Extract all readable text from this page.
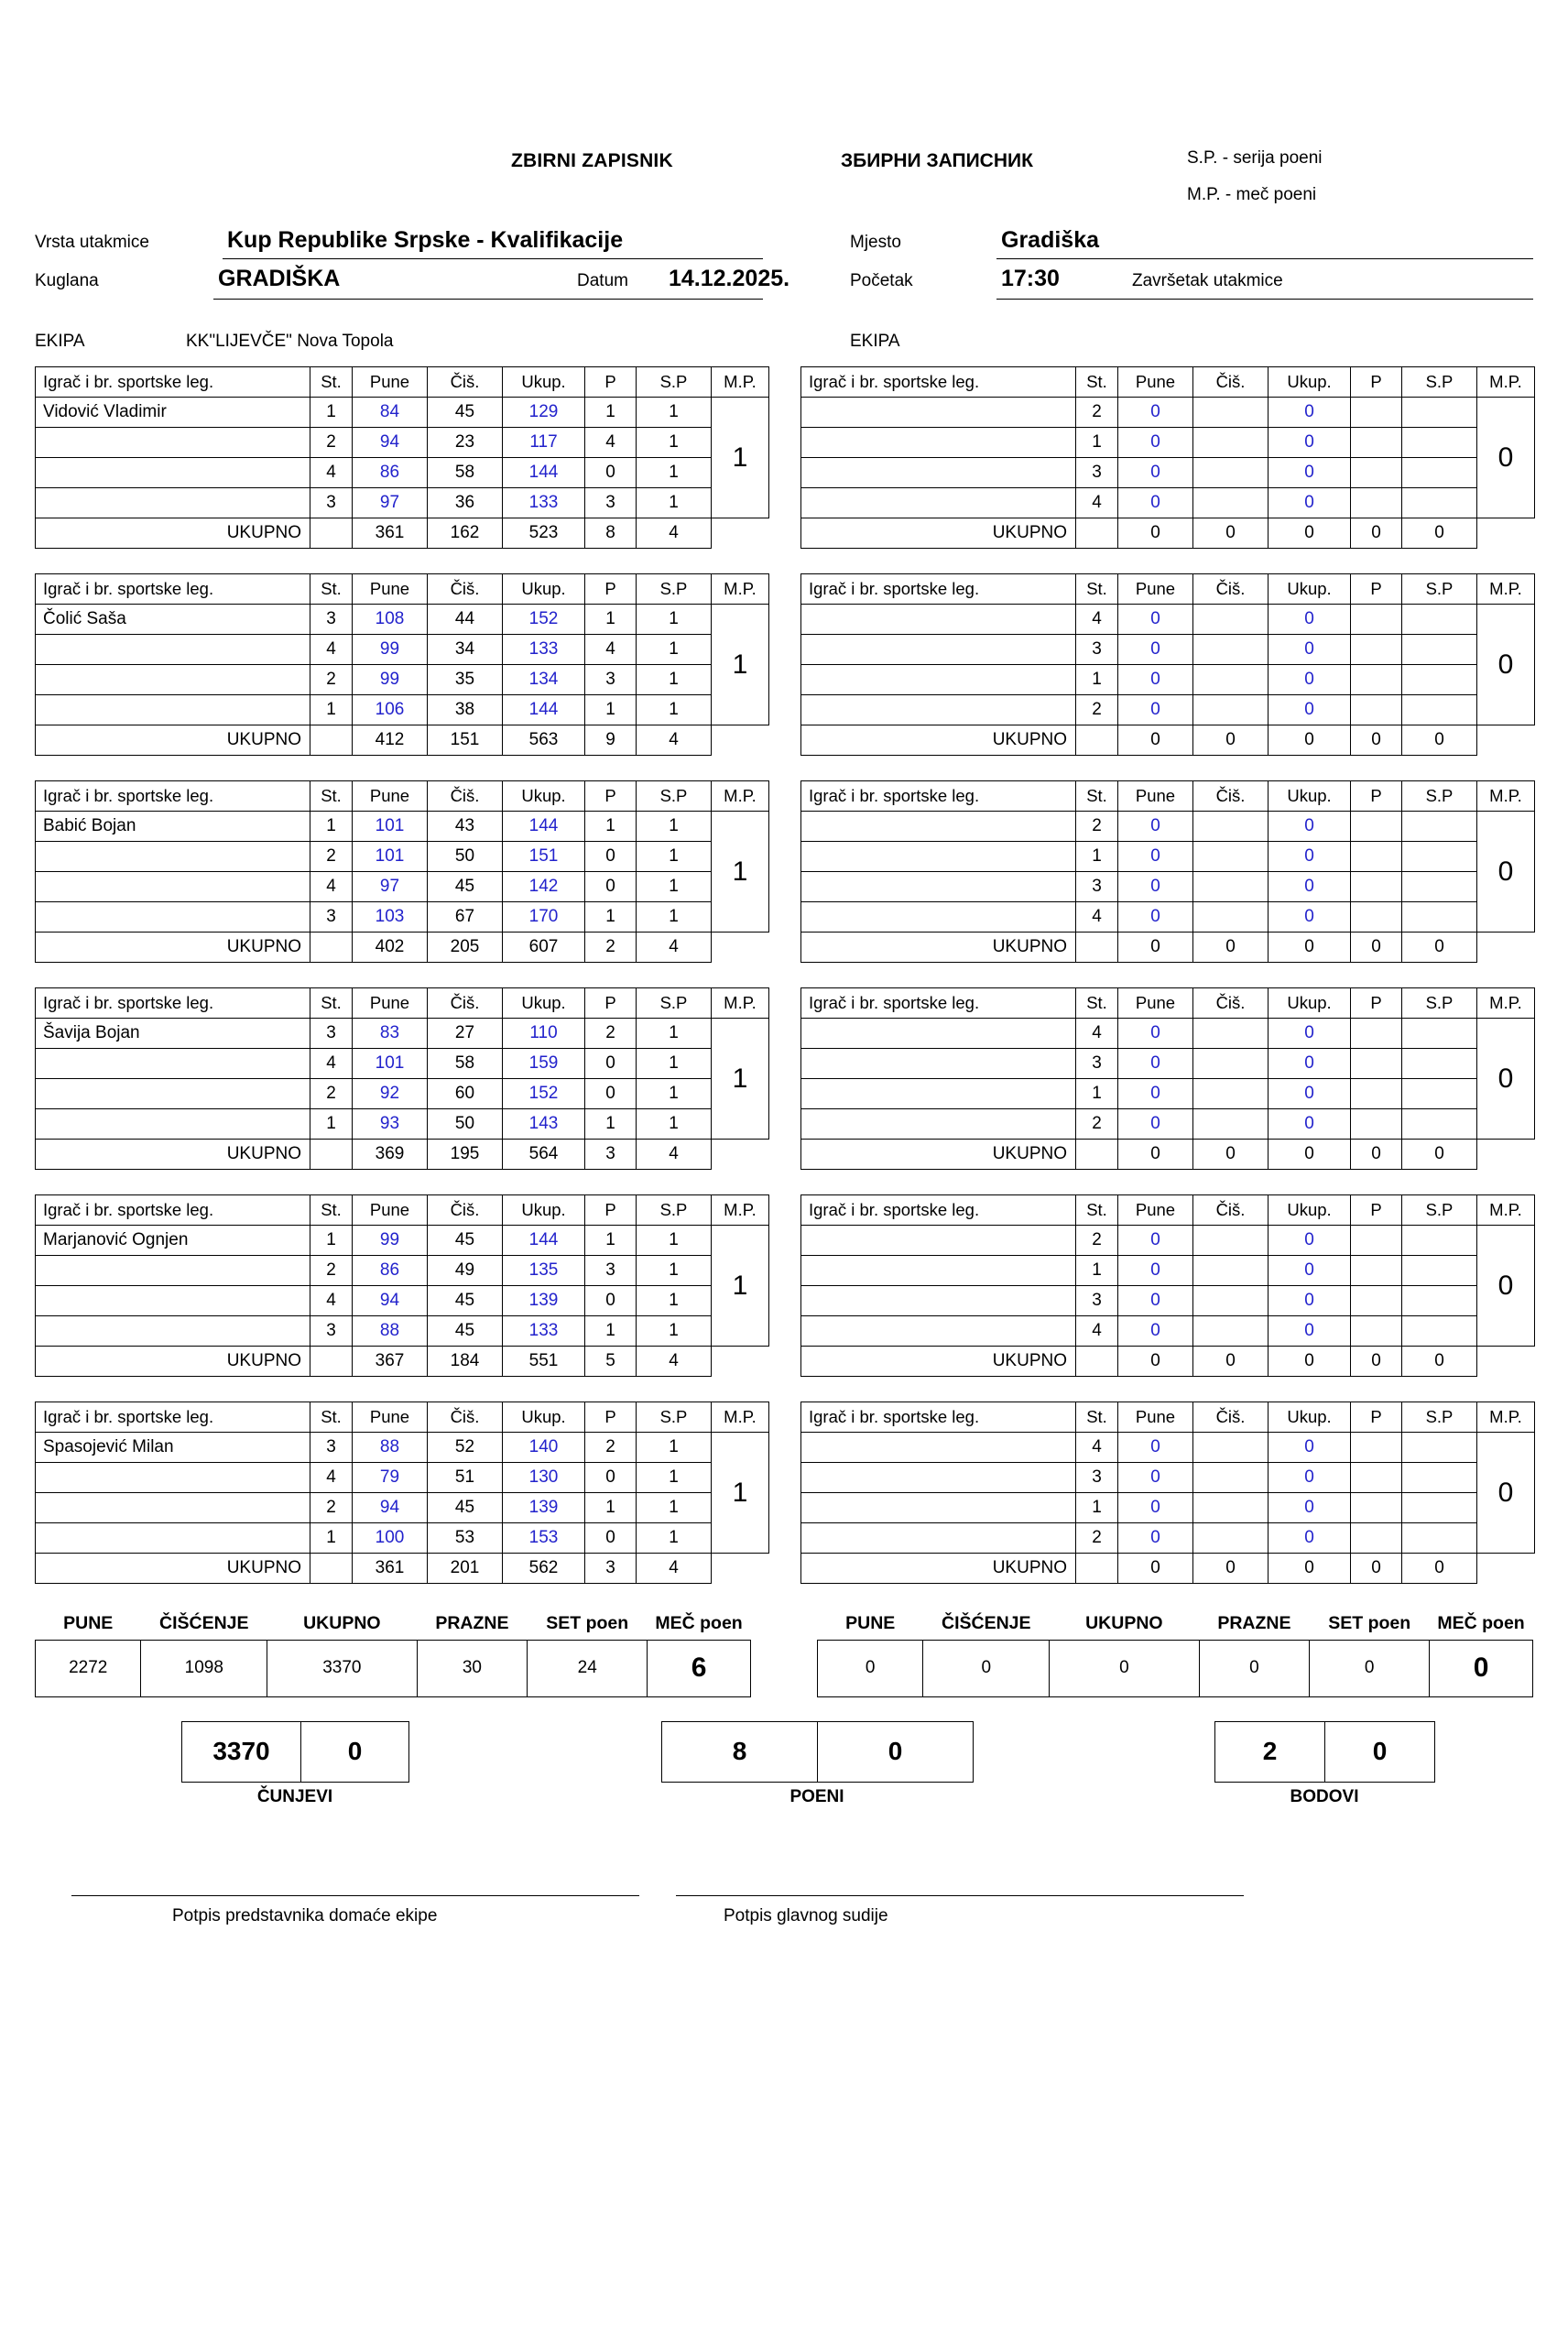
ZBIRNI ZAPISNIK	ЗБИРНИ ЗАПИСНИК	S.P. - serija poeni
M.P. - meč poeni
Vrsta utakmice	Kup Republike Srpske - Kvalifikacije	Mjesto	Gradiška
Kuglana	GRADIŠKA	Datum 14.12.2025.	Početak	17:30	Završetak utakmice
EKIPA	KK"LIJEVČE" Nova Topola	EKIPA
Igrač i br. sportske leg.	St.	Pune	Čiš.	Ukup.	P	S.P	M.P.
Vidović Vladimir	1	84	45	129	1	1	1
	2	94	23	117	4	1	
	4	86	58	144	0	1	
	3	97	36	133	3	1	
UKUPNO		361	162	523	8	4	
Igrač i br. sportske leg.	St.	Pune	Čiš.	Ukup.	P	S.P	M.P.
	2	0		0			0
	1	0		0			
	3	0		0			
	4	0		0			
UKUPNO		0	0	0	0	0	
Igrač i br. sportske leg.	St.	Pune	Čiš.	Ukup.	P	S.P	M.P.
Čolić Saša	3	108	44	152	1	1	1
	4	99	34	133	4	1	
	2	99	35	134	3	1	
	1	106	38	144	1	1	
UKUPNO		412	151	563	9	4	
Igrač i br. sportske leg.	St.	Pune	Čiš.	Ukup.	P	S.P	M.P.
	4	0		0			0
	3	0		0			
	1	0		0			
	2	0		0			
UKUPNO		0	0	0	0	0	
Igrač i br. sportske leg.	St.	Pune	Čiš.	Ukup.	P	S.P	M.P.
Babić Bojan	1	101	43	144	1	1	1
	2	101	50	151	0	1	
	4	97	45	142	0	1	
	3	103	67	170	1	1	
UKUPNO		402	205	607	2	4	
Igrač i br. sportske leg.	St.	Pune	Čiš.	Ukup.	P	S.P	M.P.
	2	0		0			0
	1	0		0			
	3	0		0			
	4	0		0			
UKUPNO		0	0	0	0	0	
Igrač i br. sportske leg.	St.	Pune	Čiš.	Ukup.	P	S.P	M.P.
Šavija Bojan	3	83	27	110	2	1	1
	4	101	58	159	0	1	
	2	92	60	152	0	1	
	1	93	50	143	1	1	
UKUPNO		369	195	564	3	4	
Igrač i br. sportske leg.	St.	Pune	Čiš.	Ukup.	P	S.P	M.P.
	4	0		0			0
	3	0		0			
	1	0		0			
	2	0		0			
UKUPNO		0	0	0	0	0	
Igrač i br. sportske leg.	St.	Pune	Čiš.	Ukup.	P	S.P	M.P.
Marjanović Ognjen	1	99	45	144	1	1	1
	2	86	49	135	3	1	
	4	94	45	139	0	1	
	3	88	45	133	1	1	
UKUPNO		367	184	551	5	4	
Igrač i br. sportske leg.	St.	Pune	Čiš.	Ukup.	P	S.P	M.P.
	2	0		0			0
	1	0		0			
	3	0		0			
	4	0		0			
UKUPNO		0	0	0	0	0	
Igrač i br. sportske leg.	St.	Pune	Čiš.	Ukup.	P	S.P	M.P.
Spasojević Milan	3	88	52	140	2	1	1
	4	79	51	130	0	1	
	2	94	45	139	1	1	
	1	100	53	153	0	1	
UKUPNO		361	201	562	3	4	
Igrač i br. sportske leg.	St.	Pune	Čiš.	Ukup.	P	S.P	M.P.
	4	0		0			0
	3	0		0			
	1	0		0			
	2	0		0			
UKUPNO		0	0	0	0	0	
PUNE	ČIŠĆENJE	UKUPNO	PRAZNE	SET poen	MEČ poen
2272	1098	3370	30	24	6
PUNE	ČIŠĆENJE	UKUPNO	PRAZNE	SET poen	MEČ poen
0	0	0	0	0	0
3370	0
ČUNJEVI
8	0
POENI
2	0
BODOVI
Potpis predstavnika domaće ekipe	Potpis glavnog sudije
